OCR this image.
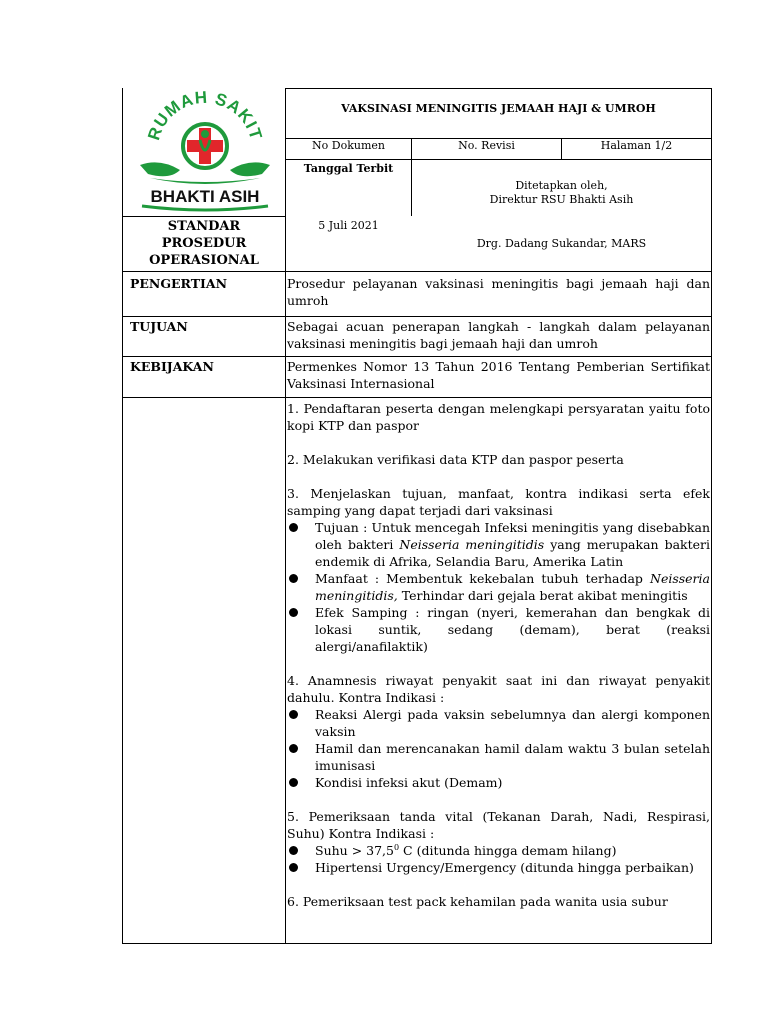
RUMAH SAKIT
BHAKTI ASIH
VAKSINASI MENINGITIS JEMAAH HAJI & UMROH
No Dokumen	No. Revisi	Halaman 1/2
Tanggal Terbit
5 Juli 2021
Ditetapkan oleh,
Direktur RSU Bhakti Asih
Drg. Dadang Sukandar, MARS
STANDAR
PROSEDUR
OPERASIONAL
PENGERTIAN	Prosedur pelayanan vaksinasi meningitis bagi jemaah haji dan umroh
TUJUAN	Sebagai acuan penerapan langkah - langkah dalam pelayanan vaksinasi meningitis bagi jemaah haji dan umroh
KEBIJAKAN	Permenkes Nomor 13 Tahun 2016 Tentang Pemberian Sertifikat Vaksinasi Internasional
1. Pendaftaran peserta dengan melengkapi persyaratan yaitu foto kopi KTP dan paspor
2. Melakukan verifikasi data KTP dan paspor peserta
3. Menjelaskan tujuan, manfaat, kontra indikasi serta efek samping yang dapat terjadi dari vaksinasi
Tujuan : Untuk mencegah Infeksi meningitis yang disebabkan oleh bakteri Neisseria meningitidis yang merupakan bakteri endemik di Afrika, Selandia Baru, Amerika Latin
Manfaat : Membentuk kekebalan tubuh terhadap Neisseria meningitidis, Terhindar dari gejala berat akibat meningitis
Efek Samping : ringan (nyeri, kemerahan dan bengkak di lokasi suntik, sedang (demam), berat (reaksi alergi/anafilaktik)
4. Anamnesis riwayat penyakit saat ini dan riwayat penyakit dahulu. Kontra Indikasi :
Reaksi Alergi pada vaksin sebelumnya dan alergi komponen vaksin
Hamil dan merencanakan hamil dalam waktu 3 bulan setelah imunisasi
Kondisi infeksi akut (Demam)
5. Pemeriksaan tanda vital (Tekanan Darah, Nadi, Respirasi, Suhu) Kontra Indikasi :
Suhu > $37,5^0$ C (ditunda hingga demam hilang)
Hipertensi Urgency/Emergency (ditunda hingga perbaikan)
6. Pemeriksaan test pack kehamilan pada wanita usia subur
